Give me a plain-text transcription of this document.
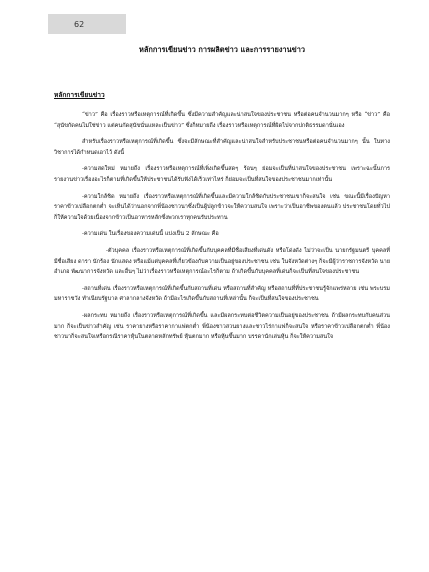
62
หลักการเขียนข่าว การผลิตข่าว และการรายงานข่าว
หลักการเขียนข่าว

“ข่าว” คือ เรื่องราวหรือเหตุการณ์ที่เกิดขึ้น ซึ่งมีความสำคัญและน่าสนใจของประชาชน หรือต่อคนจำนวนมากๆ หรือ “ข่าว” คือ “สุนัขกัดคนไม่ใช่ข่าว แต่คนกัดสุนัขนั่นแหละเป็นข่าว” ซึ่งก็หมายถึง เรื่องราวหรือเหตุการณ์ที่ผิดไปจากปกติธรรมดานั่นเอง

สำหรับเรื่องราวหรือเหตุการณ์ที่เกิดขึ้น ซึ่งจะมีลักษณะที่สำคัญและน่าสนใจสำหรับประชาชนหรือต่อคนจำนวนมากๆ นั้น ในทางวิชาการได้กำหนดเอาไว้ ดังนี้

-ความสดใหม่ หมายถึง เรื่องราวหรือเหตุการณ์ที่เพิ่งเกิดขึ้นสดๆ ร้อนๆ ย่อมจะเป็นที่น่าสนใจของประชาชน เพราะฉะนั้นการรายงานข่าวเรื่องอะไรก็ตามที่เกิดขึ้นให้ประชาชนได้รับฟังได้เร็วเท่าไหร่ ก็ย่อมจะเป็นที่สนใจของประชาชนมากเท่านั้น

-ความใกล้ชิด หมายถึง เรื่องราวหรือเหตุการณ์ที่เกิดขึ้นและมีความใกล้ชิดกับประชาชนเขาก็จะสนใจ เช่น ขณะนี้มีเรื่องปัญหาราคาข้าวเปลือกตกต่ำ จะเห็นได้ว่านอกจากพี่น้องชาวนาซึ่งเป็นผู้ปลูกข้าวจะให้ความสนใจ เพราะว่าเป็นอาชีพของตนแล้ว ประชาชนโดยทั่วไปก็ให้ความใจด้วยเนื่องจากข้าวเป็นอาหารหลักซึ่งพวกเราทุกคนรับประทาน

-ความเด่น ในเรื่องของความเด่นนี้ แบ่งเป็น 2 ลักษณะ คือ

-ตัวบุคคล เรื่องราวหรือเหตุการณ์ที่เกิดขึ้นกับบุคคลที่มีชื่อเสียงที่เด่นดัง หรือโด่งดัง ไม่ว่าจะเป็น นายกรัฐมนตรี บุคคลที่มีชื่อเสียง ดารา นักร้อง นักแสดง หรือแม้แต่บุคคลที่เกี่ยวข้องกับความเป็นอยู่ของประชาชน เช่น ในจังหวัดต่างๆ ก็จะมีผู้ว่าราชการจังหวัด นายอำเภอ พัฒนาการจังหวัด และอื่นๆ ไม่ว่าเรื่องราวหรือเหตุการณ์อะไรก็ตาม ถ้าเกิดขึ้นกับบุคคลที่เด่นก็จะเป็นที่สนใจของประชาชน

-สถานที่เด่น เรื่องราวหรือเหตุการณ์ที่เกิดขึ้นกับสถานที่เด่น หรือสถานที่สำคัญ หรือสถานที่ที่ประชาชนรู้จักแพร่หลาย เช่น พระบรมมหาราชวัง ทำเนียบรัฐบาล ศาลากลางจังหวัด ถ้ามีอะไรเกิดขึ้นกับสถานที่เหล่านั้น ก็จะเป็นที่สนใจของประชาชน

-ผลกระทบ หมายถึง เรื่องราวหรือเหตุการณ์ที่เกิดขึ้น และมีผลกระทบต่อชีวิตความเป็นอยู่ของประชาชน ถ้ามีผลกระทบกับคนส่วนมาก ก็จะเป็นข่าวสำคัญ เช่น ราคายางหรือราคากาแฟตกต่ำ พี่น้องชาวสวนยางและชาวไร่กาแฟก็จะสนใจ หรือราคาข้าวเปลือกตกต่ำ พี่น้องชาวนาก็จะสนใจเหรือกรณีราคาหุ้นในตลาดหลักทรัพย์ หุ้นตกมาก หรือหุ้นขึ้นมาก บรรดานักเล่นหุ้น ก็จะให้ความสนใจ
